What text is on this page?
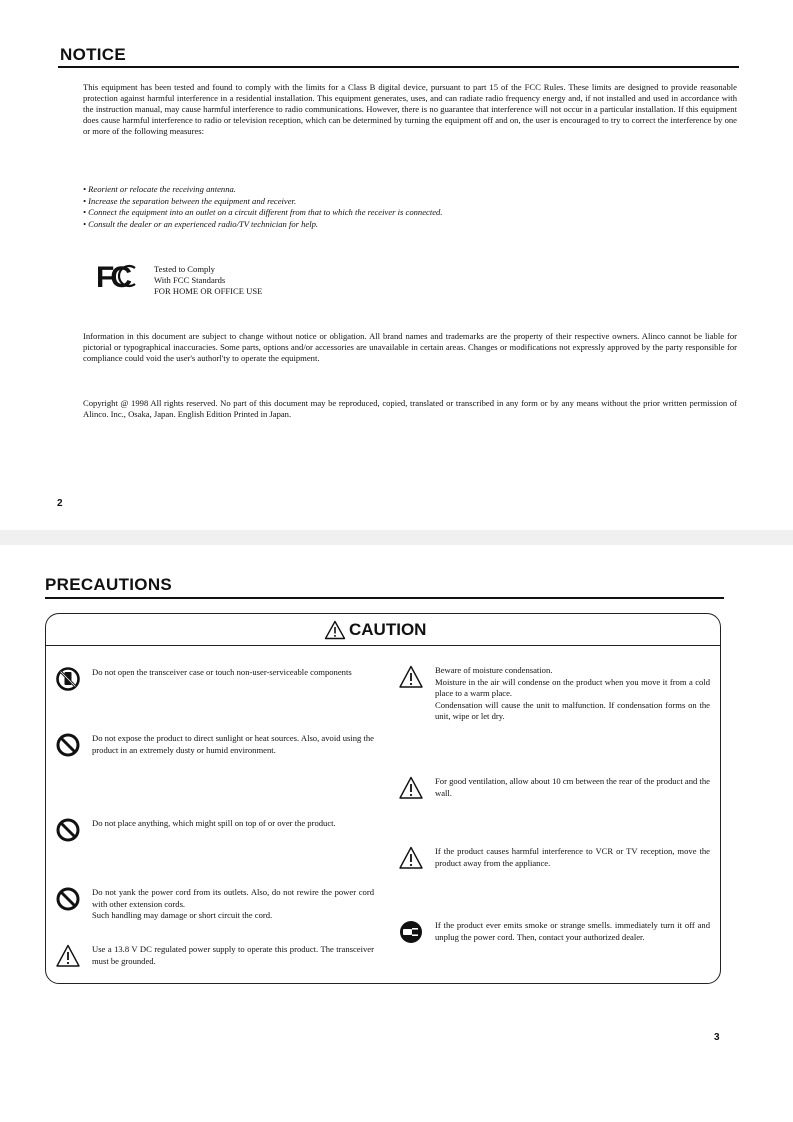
NOTICE

This equipment has been tested and found to comply with the limits for a Class B digital device, pursuant to part 15 of the FCC Rules. These limits are designed to provide reasonable protection against harmful interference in a residential installation. This equipment generates, uses, and can radiate radio frequency energy and, if not installed and used in accordance with the instruction manual, may cause harmful interference to radio communications. However, there is no guarantee that interference will not occur in a particular installation. If this equipment does cause harmful interference to radio or television reception, which can be determined by turning the equipment off and on, the user is encouraged to try to correct the interference by one or more of the following measures:

• Reorient or relocate the receiving antenna.
• Increase the separation between the equipment and receiver.
• Connect the equipment into an outlet on a circuit different from that to which the receiver is connected.
• Consult the dealer or an experienced radio/TV technician for help.
FC	Tested to Comply
With FCC Standards
FOR HOME OR OFFICE USE

Information in this document are subject to change without notice or obligation. All brand names and trademarks are the property of their respective owners. Alinco cannot be liable for pictorial or typographical inaccuracies. Some parts, options and/or accessories are unavailable in certain areas. Changes or modifications not expressly approved by the party responsible for compliance could void the user's authorl'ty to operate the equipment.

Copyright @ 1998 All rights reserved. No part of this document may be reproduced, copied, translated or transcribed in any form or by any means without the prior written permission of Alinco. Inc., Osaka, Japan. English Edition Printed in Japan.

2
PRECAUTIONS
CAUTION
Do not open the transceiver case or touch non-user-serviceable components
Do not expose the product to direct sunlight or heat sources. Also, avoid using the product in an extremely dusty or humid environment.
Do not place anything, which might spill on top of or over the product.
Do not yank the power cord from its outlets. Also, do not rewire the power cord with other extension cords.
Such handling may damage or short circuit the cord.
Use a 13.8 V DC regulated power supply to operate this product. The transceiver must be grounded.
Beware of moisture condensation.
Moisture in the air will condense on the product when you move it from a cold place to a warm place.
Condensation will cause the unit to malfunction. If condensation forms on the unit, wipe or let dry.
For good ventilation, allow about 10 cm between the rear of the product and the wall.
If the product causes harmful interference to VCR or TV reception, move the product away from the appliance.
If the product ever emits smoke or strange smells. immediately turn it off and unplug the power cord. Then, contact your authorized dealer.
3
